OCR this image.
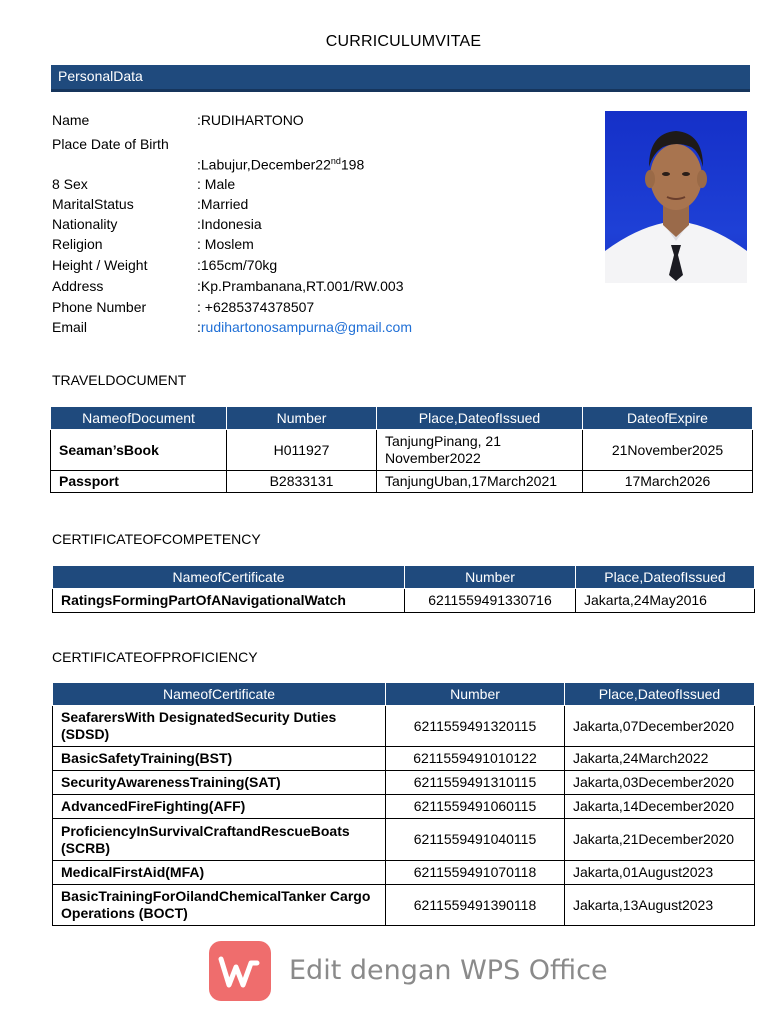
CURRICULUMVITAE
PersonalData
Name	:RUDIHARTONO
Place Date of Birth
:Labujur,December22nd198
8 Sex	: Male
MaritalStatus	:Married
Nationality	:Indonesia
Religion	: Moslem
Height / Weight	:165cm/70kg
Address	:Kp.Prambanana,RT.001/RW.003
Phone Number	: +6285374378507
Email	:rudihartonosampurna@gmail.com
TRAVELDOCUMENT
NameofDocument	Number	Place,DateofIssued	DateofExpire
Seaman’sBook	H011927	TanjungPinang, 21 November2022	21November2025
Passport	B2833131	TanjungUban,17March2021	17March2026
CERTIFICATEOFCOMPETENCY
NameofCertificate	Number	Place,DateofIssued
RatingsFormingPartOfANavigationalWatch	6211559491330716	Jakarta,24May2016
CERTIFICATEOFPROFICIENCY
NameofCertificate	Number	Place,DateofIssued
SeafarersWith DesignatedSecurity Duties (SDSD)	6211559491320115	Jakarta,07December2020
BasicSafetyTraining(BST)	6211559491010122	Jakarta,24March2022
SecurityAwarenessTraining(SAT)	6211559491310115	Jakarta,03December2020
AdvancedFireFighting(AFF)	6211559491060115	Jakarta,14December2020
ProficiencyInSurvivalCraftandRescueBoats (SCRB)	6211559491040115	Jakarta,21December2020
MedicalFirstAid(MFA)	6211559491070118	Jakarta,01August2023
BasicTrainingForOilandChemicalTanker Cargo Operations (BOCT)	6211559491390118	Jakarta,13August2023
Edit dengan WPS Office
